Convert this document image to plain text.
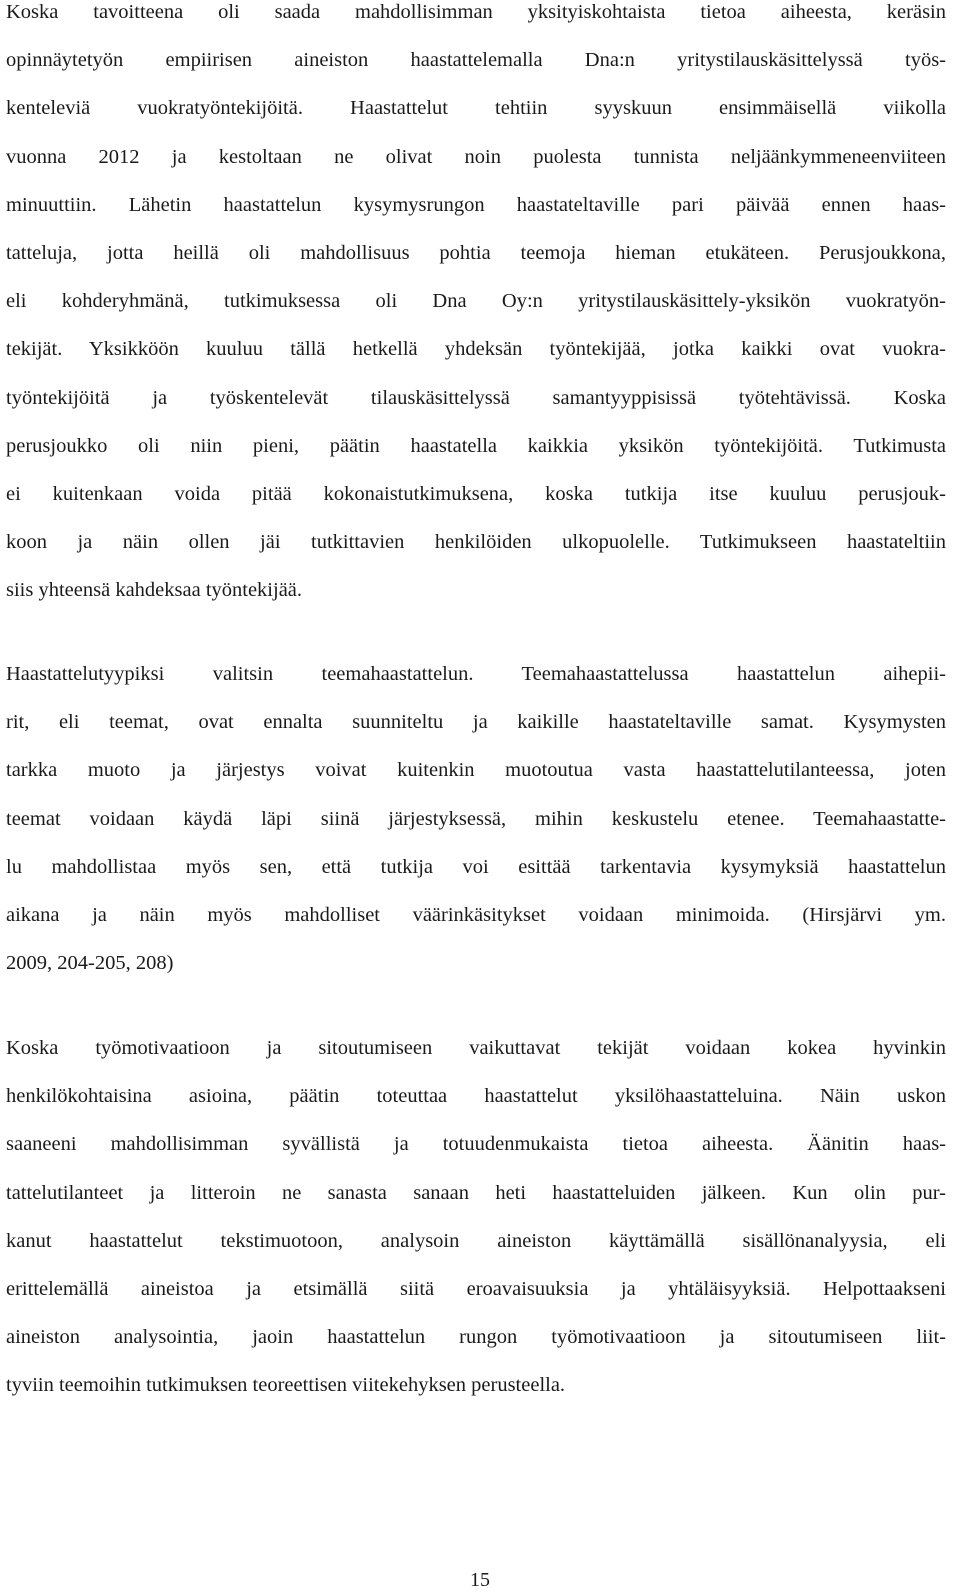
Koska tavoitteena oli saada mahdollisimman yksityiskohtaista tietoa aiheesta, keräsin
opinnäytetyön empiirisen aineiston haastattelemalla Dna:n yritystilauskäsittelyssä työs-
kenteleviä vuokratyöntekijöitä. Haastattelut tehtiin syyskuun ensimmäisellä viikolla
vuonna 2012 ja kestoltaan ne olivat noin puolesta tunnista neljäänkymmeneenviiteen
minuuttiin. Lähetin haastattelun kysymysrungon haastateltaville pari päivää ennen haas-
tatteluja, jotta heillä oli mahdollisuus pohtia teemoja hieman etukäteen. Perusjoukkona,
eli kohderyhmänä, tutkimuksessa oli Dna Oy:n yritystilauskäsittely-yksikön vuokratyön-
tekijät. Yksikköön kuuluu tällä hetkellä yhdeksän työntekijää, jotka kaikki ovat vuokra-
työntekijöitä ja työskentelevät tilauskäsittelyssä samantyyppisissä työtehtävissä. Koska
perusjoukko oli niin pieni, päätin haastatella kaikkia yksikön työntekijöitä. Tutkimusta
ei kuitenkaan voida pitää kokonaistutkimuksena, koska tutkija itse kuuluu perusjouk-
koon ja näin ollen jäi tutkittavien henkilöiden ulkopuolelle. Tutkimukseen haastateltiin
siis yhteensä kahdeksaa työntekijää.

Haastattelutyypiksi valitsin teemahaastattelun. Teemahaastattelussa haastattelun aihepii-
rit, eli teemat, ovat ennalta suunniteltu ja kaikille haastateltaville samat. Kysymysten
tarkka muoto ja järjestys voivat kuitenkin muotoutua vasta haastattelutilanteessa, joten
teemat voidaan käydä läpi siinä järjestyksessä, mihin keskustelu etenee. Teemahaastatte-
lu mahdollistaa myös sen, että tutkija voi esittää tarkentavia kysymyksiä haastattelun
aikana ja näin myös mahdolliset väärinkäsitykset voidaan minimoida. (Hirsjärvi ym.
2009, 204-205, 208)

Koska työmotivaatioon ja sitoutumiseen vaikuttavat tekijät voidaan kokea hyvinkin
henkilökohtaisina asioina, päätin toteuttaa haastattelut yksilöhaastatteluina. Näin uskon
saaneeni mahdollisimman syvällistä ja totuudenmukaista tietoa aiheesta. Äänitin haas-
tattelutilanteet ja litteroin ne sanasta sanaan heti haastatteluiden jälkeen. Kun olin pur-
kanut haastattelut tekstimuotoon, analysoin aineiston käyttämällä sisällönanalyysia, eli
erittelemällä aineistoa ja etsimällä siitä eroavaisuuksia ja yhtäläisyyksiä. Helpottaakseni
aineiston analysointia, jaoin haastattelun rungon työmotivaatioon ja sitoutumiseen liit-
tyviin teemoihin tutkimuksen teoreettisen viitekehyksen perusteella.

15
